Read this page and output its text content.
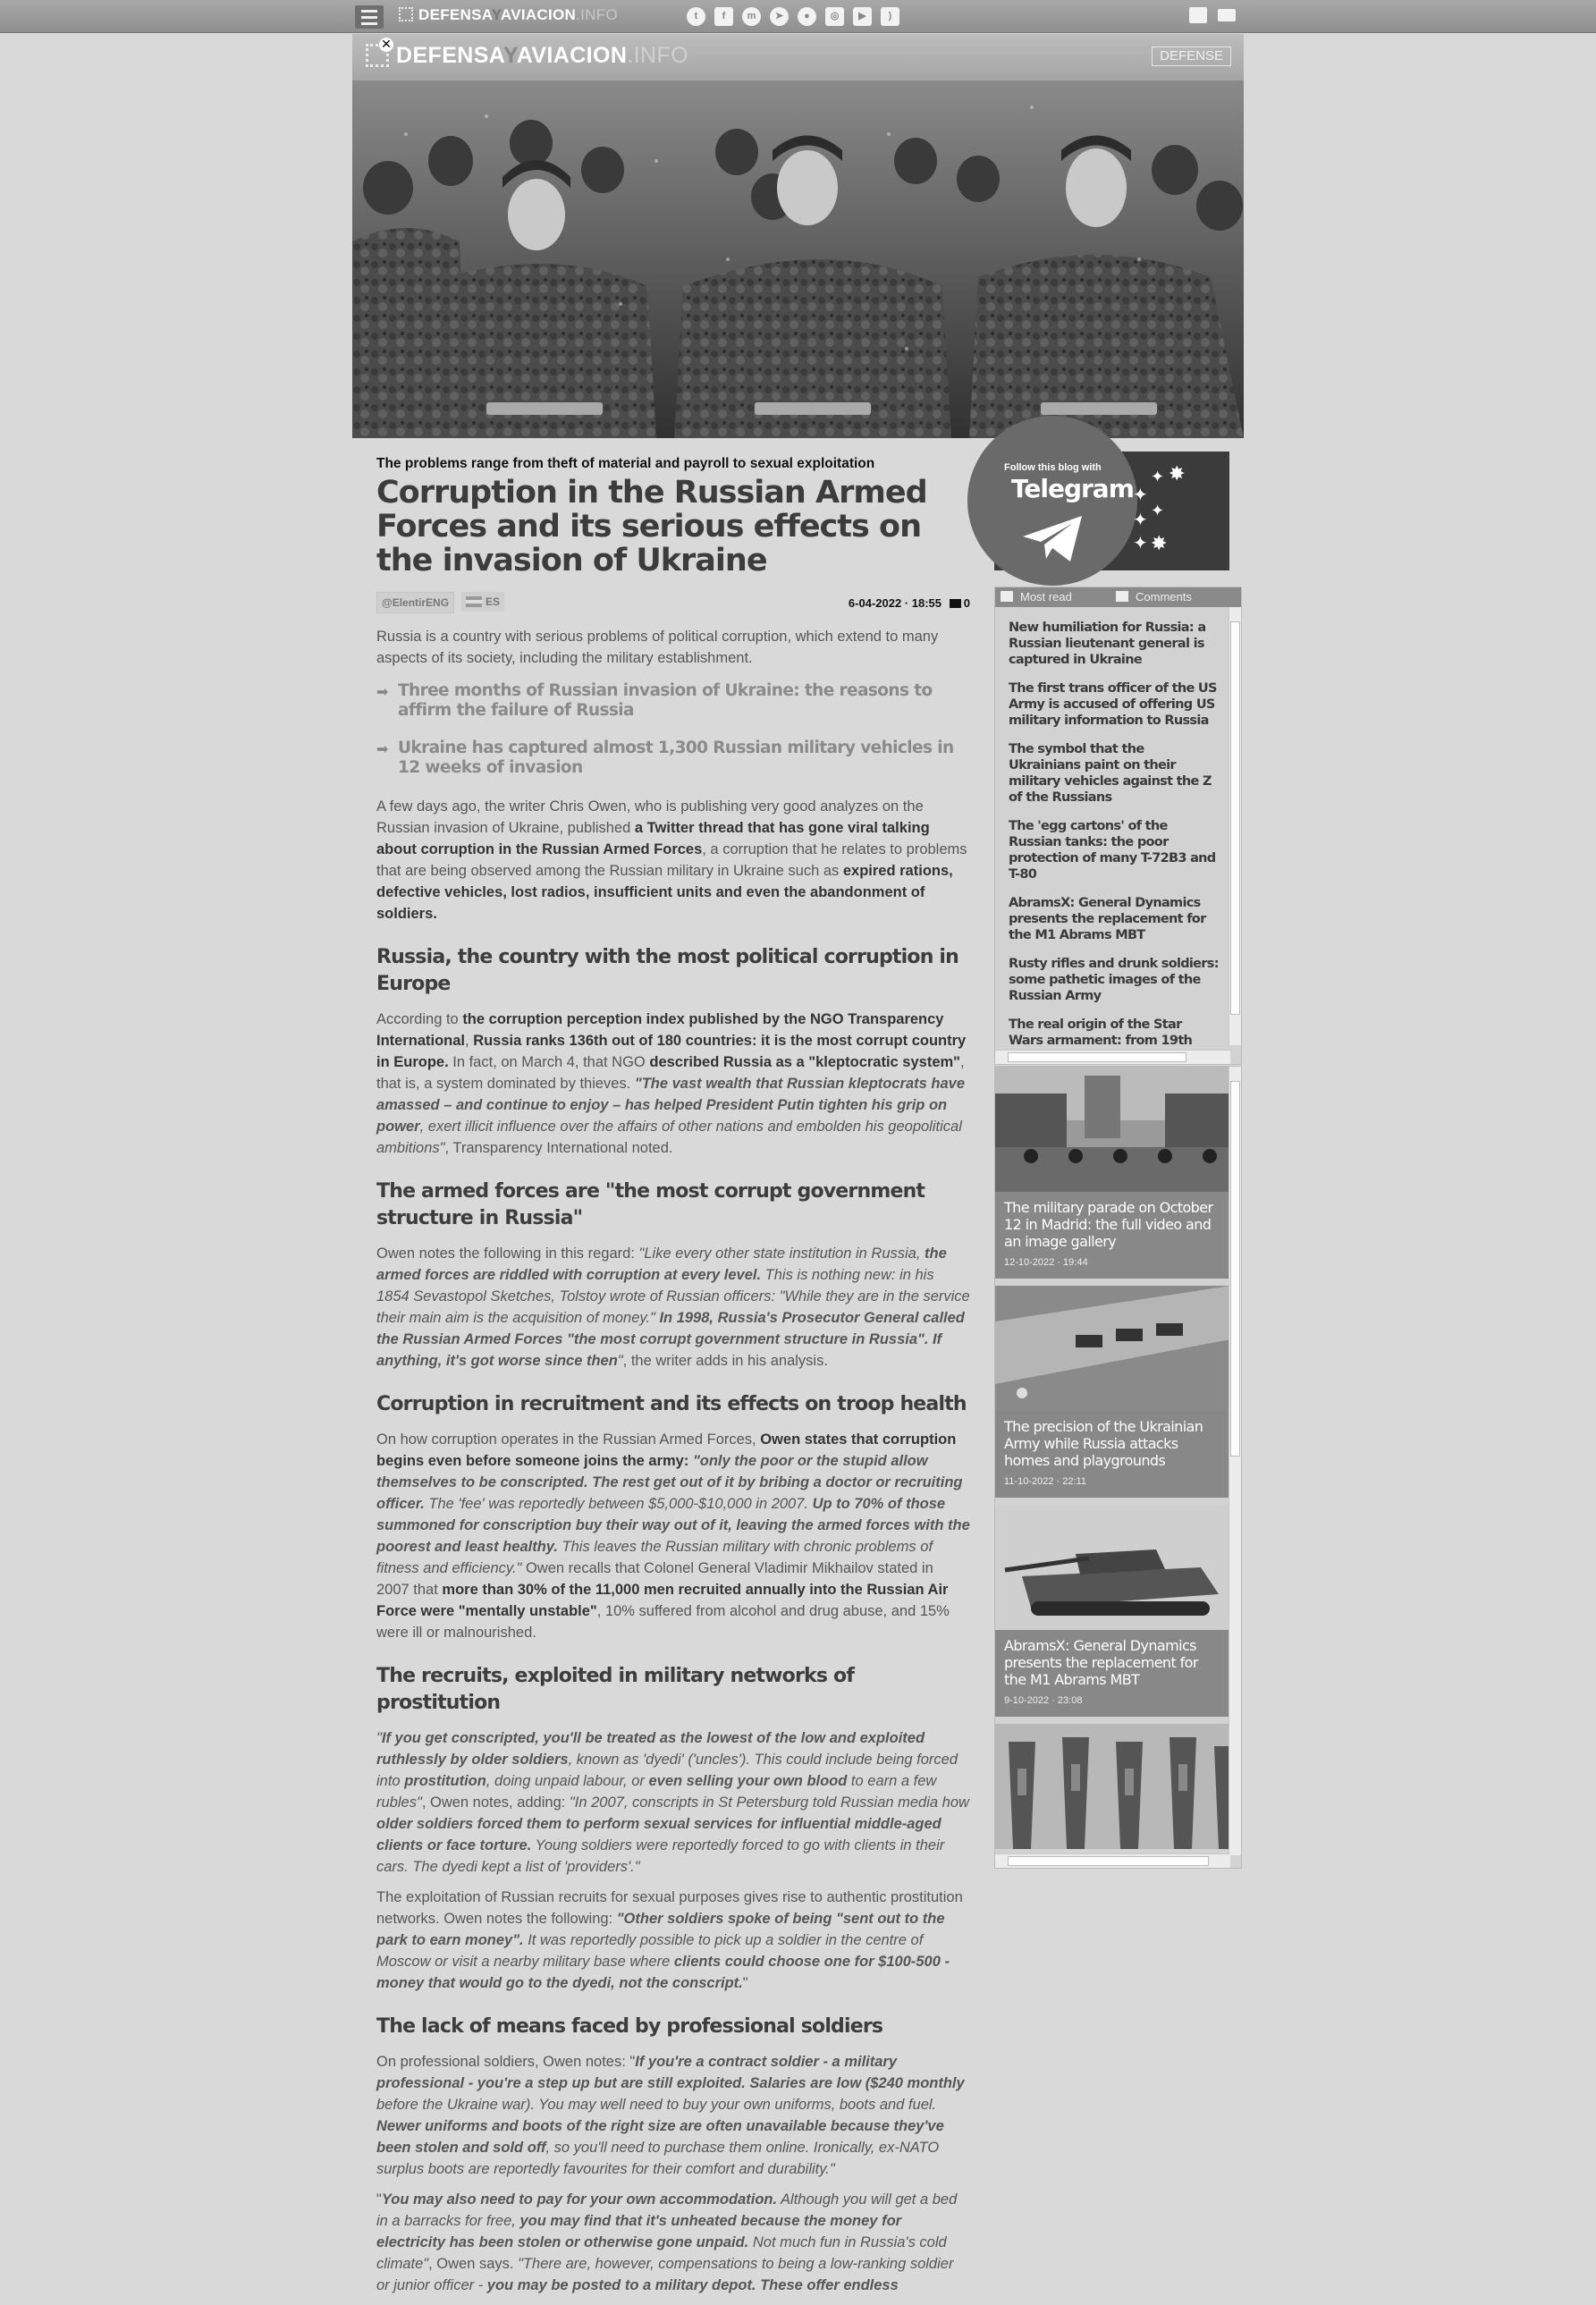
DEFENSAYAVIACION.INFO	t	f	m	➤	●	◎	▶	)
DEFENSAYAVIACION.INFO
✕
DEFENSE
The problems range from theft of material and payroll to sexual exploitation
Corruption in the Russian Armed Forces and its serious effects on the invasion of Ukraine
@ElentirENG	ES	6-04-2022 · 18:55	0

Russia is a country with serious problems of political corruption, which extend to many aspects of its society, including the military establishment.

➡ Three months of Russian invasion of Ukraine: the reasons to affirm the failure of Russia
➡ Ukraine has captured almost 1,300 Russian military vehicles in 12 weeks of invasion

A few days ago, the writer Chris Owen, who is publishing very good analyzes on the Russian invasion of Ukraine, published a Twitter thread that has gone viral talking about corruption in the Russian Armed Forces, a corruption that he relates to problems that are being observed among the Russian military in Ukraine such as expired rations, defective vehicles, lost radios, insufficient units and even the abandonment of soldiers.

Russia, the country with the most political corruption in Europe

According to the corruption perception index published by the NGO Transparency International, Russia ranks 136th out of 180 countries: it is the most corrupt country in Europe. In fact, on March 4, that NGO described Russia as a "kleptocratic system", that is, a system dominated by thieves. "The vast wealth that Russian kleptocrats have amassed – and continue to enjoy – has helped President Putin tighten his grip on power, exert illicit influence over the affairs of other nations and embolden his geopolitical ambitions", Transparency International noted.

The armed forces are "the most corrupt government structure in Russia"

Owen notes the following in this regard: "Like every other state institution in Russia, the armed forces are riddled with corruption at every level. This is nothing new: in his 1854 Sevastopol Sketches, Tolstoy wrote of Russian officers: "While they are in the service their main aim is the acquisition of money." In 1998, Russia's Prosecutor General called the Russian Armed Forces "the most corrupt government structure in Russia". If anything, it's got worse since then", the writer adds in his analysis.

Corruption in recruitment and its effects on troop health

On how corruption operates in the Russian Armed Forces, Owen states that corruption begins even before someone joins the army: "only the poor or the stupid allow themselves to be conscripted. The rest get out of it by bribing a doctor or recruiting officer. The 'fee' was reportedly between $5,000-$10,000 in 2007. Up to 70% of those summoned for conscription buy their way out of it, leaving the armed forces with the poorest and least healthy. This leaves the Russian military with chronic problems of fitness and efficiency." Owen recalls that Colonel General Vladimir Mikhailov stated in 2007 that more than 30% of the 11,000 men recruited annually into the Russian Air Force were "mentally unstable", 10% suffered from alcohol and drug abuse, and 15% were ill or malnourished.

The recruits, exploited in military networks of prostitution

"If you get conscripted, you'll be treated as the lowest of the low and exploited ruthlessly by older soldiers, known as 'dyedi' ('uncles'). This could include being forced into prostitution, doing unpaid labour, or even selling your own blood to earn a few rubles", Owen notes, adding: "In 2007, conscripts in St Petersburg told Russian media how older soldiers forced them to perform sexual services for influential middle-aged clients or face torture. Young soldiers were reportedly forced to go with clients in their cars. The dyedi kept a list of 'providers'."

The exploitation of Russian recruits for sexual purposes gives rise to authentic prostitution networks. Owen notes the following: "Other soldiers spoke of being "sent out to the park to earn money". It was reportedly possible to pick up a soldier in the centre of Moscow or visit a nearby military base where clients could choose one for $100-500 - money that would go to the dyedi, not the conscript."

The lack of means faced by professional soldiers

On professional soldiers, Owen notes: "If you're a contract soldier - a military professional - you're a step up but are still exploited. Salaries are low ($240 monthly before the Ukraine war). You may well need to buy your own uniforms, boots and fuel. Newer uniforms and boots of the right size are often unavailable because they've been stolen and sold off, so you'll need to purchase them online. Ironically, ex-NATO surplus boots are reportedly favourites for their comfort and durability."

"You may also need to pay for your own accommodation. Although you will get a bed in a barracks for free, you may find that it's unheated because the money for electricity has been stolen or otherwise gone unpaid. Not much fun in Russia's cold climate", Owen says. "There are, however, compensations to being a low-ranking soldier or junior officer - you may be posted to a military depot. These offer endless

Follow this blog with
Telegram
✸
✦
✦
✦ ✦
✦ ✸
Most read	Comments
New humiliation for Russia: a Russian lieutenant general is captured in Ukraine
The first trans officer of the US Army is accused of offering US military information to Russia
The symbol that the Ukrainians paint on their military vehicles against the Z of the Russians
The 'egg cartons' of the Russian tanks: the poor protection of many T-72B3 and T-80
AbramsX: General Dynamics presents the replacement for the M1 Abrams MBT
Rusty rifles and drunk soldiers: some pathetic images of the Russian Army
The real origin of the Star Wars armament: from 19th
The military parade on October 12 in Madrid: the full video and an image gallery
12-10-2022 · 19:44
The precision of the Ukrainian Army while Russia attacks homes and playgrounds
11-10-2022 · 22:11
AbramsX: General Dynamics presents the replacement for the M1 Abrams MBT
9-10-2022 · 23:08
